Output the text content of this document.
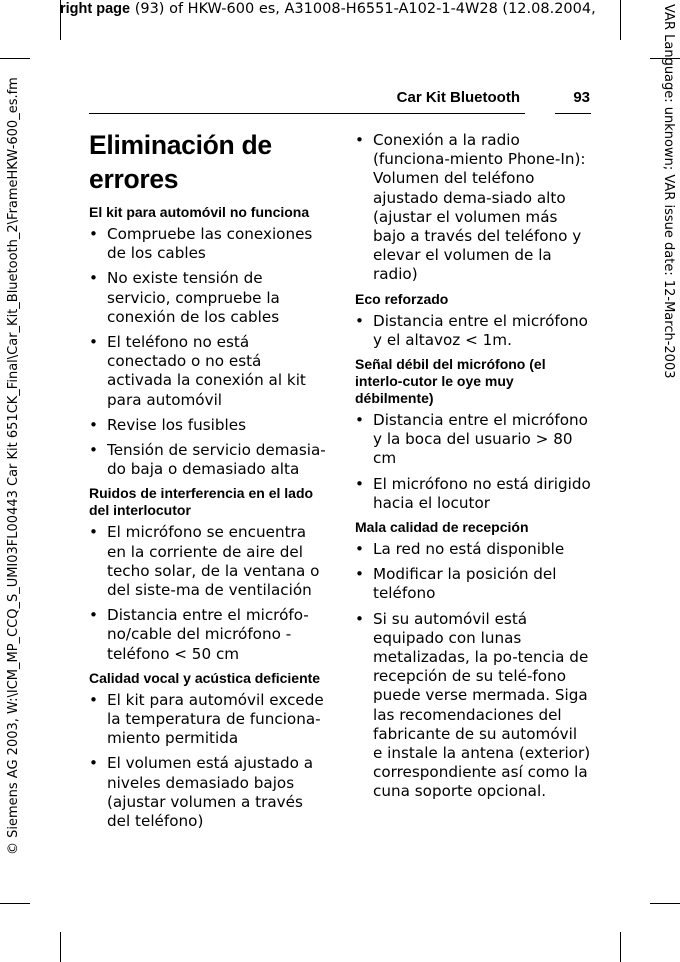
right page (93) of HKW-600 es, A31008-H6551-A102-1-4W28 (12.08.2004,
© Siemens AG 2003, W:\ICM_MP_CCQ_S_UMI03FL00443 Car Kit 651CK_Final\Car_Kit_Bluetooth_2\FrameHKW-600_es.fm	VAR Language: unknown; VAR issue date: 12-March-2003
Car Kit Bluetooth	93
Eliminación de errores
El kit para automóvil no funciona
• Compruebe las conexiones de los cables
• No existe tensión de servicio, compruebe la conexión de los cables
• El teléfono no está conectado o no está activada la conexión al kit para automóvil
• Revise los fusibles
• Tensión de servicio demasia-do baja o demasiado alta
Ruidos de interferencia en el lado del interlocutor
• El micrófono se encuentra en la corriente de aire del techo solar, de la ventana o del siste-ma de ventilación
• Distancia entre el micrófo-no/cable del micrófono - teléfono < 50 cm
Calidad vocal y acústica deficiente
• El kit para automóvil excede la temperatura de funciona-miento permitida
• El volumen está ajustado a niveles demasiado bajos (ajustar volumen a través del teléfono)
• Conexión a la radio (funciona-miento Phone-In): Volumen del teléfono ajustado dema-siado alto (ajustar el volumen más bajo a través del teléfono y elevar el volumen de la radio)
Eco reforzado
• Distancia entre el micrófono y el altavoz < 1m.
Señal débil del micrófono (el interlo-cutor le oye muy débilmente)
• Distancia entre el micrófono y la boca del usuario > 80 cm
• El micrófono no está dirigido hacia el locutor
Mala calidad de recepción
• La red no está disponible
• Modificar la posición del teléfono
• Si su automóvil está equipado con lunas metalizadas, la po-tencia de recepción de su telé-fono puede verse mermada. Siga las recomendaciones del fabricante de su automóvil e instale la antena (exterior) correspondiente así como la cuna soporte opcional.
